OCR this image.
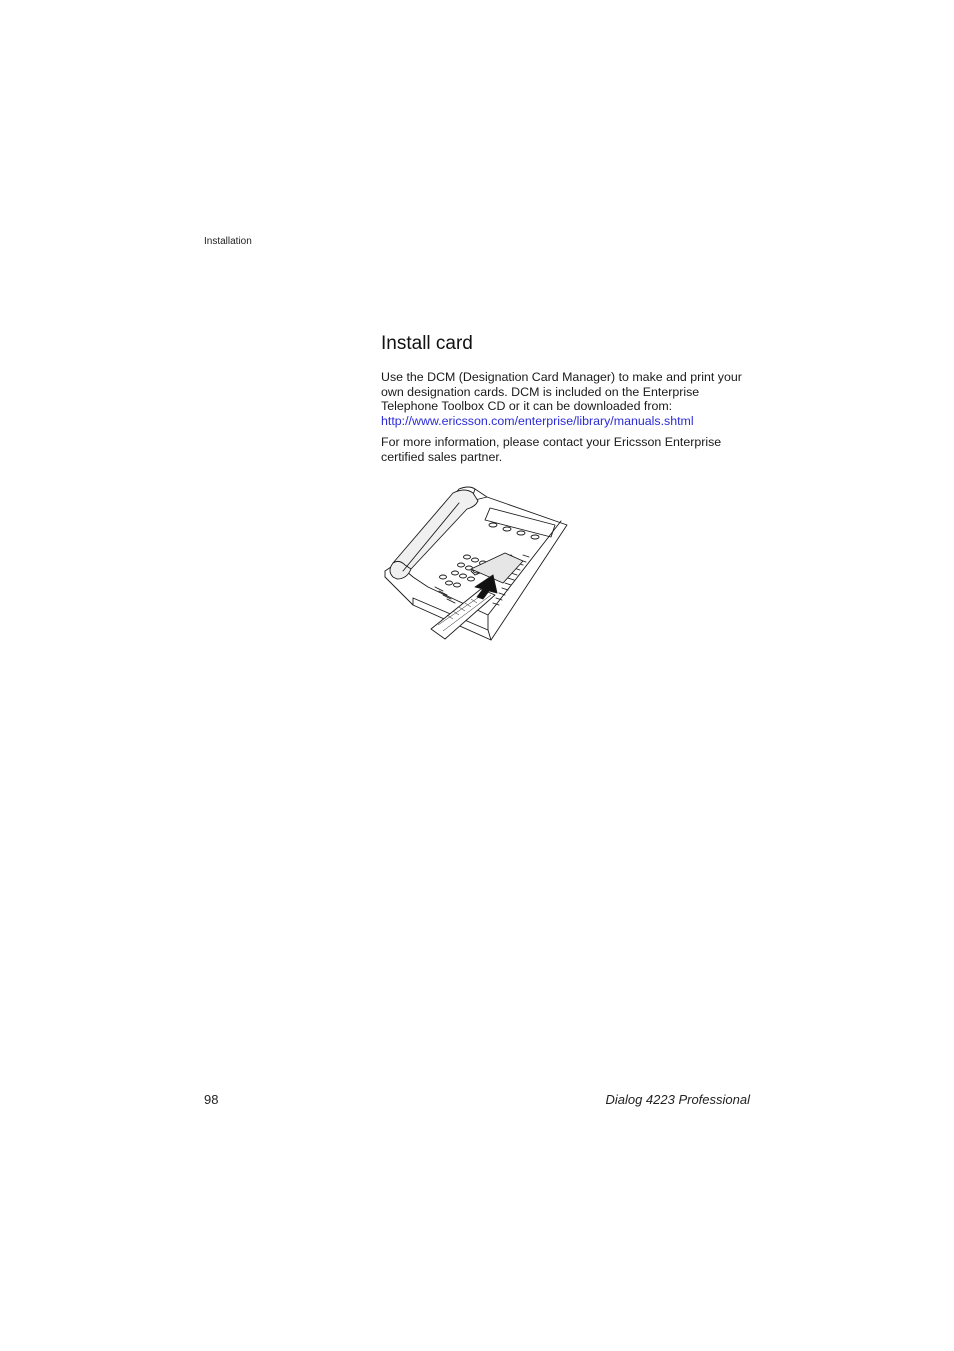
Installation
Install card

Use the DCM (Designation Card Manager) to make and print your own designation cards. DCM is included on the Enterprise Telephone Toolbox CD or it can be downloaded from: http://www.ericsson.com/enterprise/library/manuals.shtml

For more information, please contact your Ericsson Enterprise certified sales partner.

98	Dialog 4223 Professional
